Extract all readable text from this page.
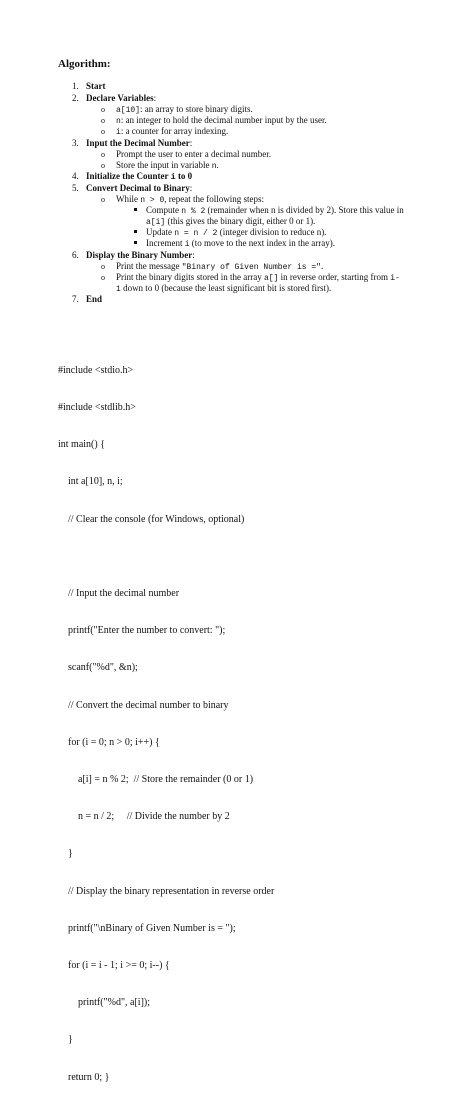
Algorithm:
1. Start
2. Declare Variables:
o a[10]: an array to store binary digits.
o n: an integer to hold the decimal number input by the user.
o i: a counter for array indexing.
3. Input the Decimal Number:
o Prompt the user to enter a decimal number.
o Store the input in variable n.
4. Initialize the Counter i to 0
5. Convert Decimal to Binary:
o While n > 0, repeat the following steps:
Compute n % 2 (remainder when n is divided by 2). Store this value in
a[i] (this gives the binary digit, either 0 or 1).
Update n = n / 2 (integer division to reduce n).
Increment i (to move to the next index in the array).
6. Display the Binary Number:
o Print the message "Binary of Given Number is =".
o Print the binary digits stored in the array a[] in reverse order, starting from i-
1 down to 0 (because the least significant bit is stored first).
7. End

#include <stdio.h>

#include <stdlib.h>

int main() {

int a[10], n, i;

// Clear the console (for Windows, optional)

// Input the decimal number

printf("Enter the number to convert: ");

scanf("%d", &n);

// Convert the decimal number to binary

for (i = 0; n > 0; i++) {

a[i] = n % 2;  // Store the remainder (0 or 1)

n = n / 2;     // Divide the number by 2

}

// Display the binary representation in reverse order

printf("\nBinary of Given Number is = ");

for (i = i - 1; i >= 0; i--) {

printf("%d", a[i]);

}

return 0; }
